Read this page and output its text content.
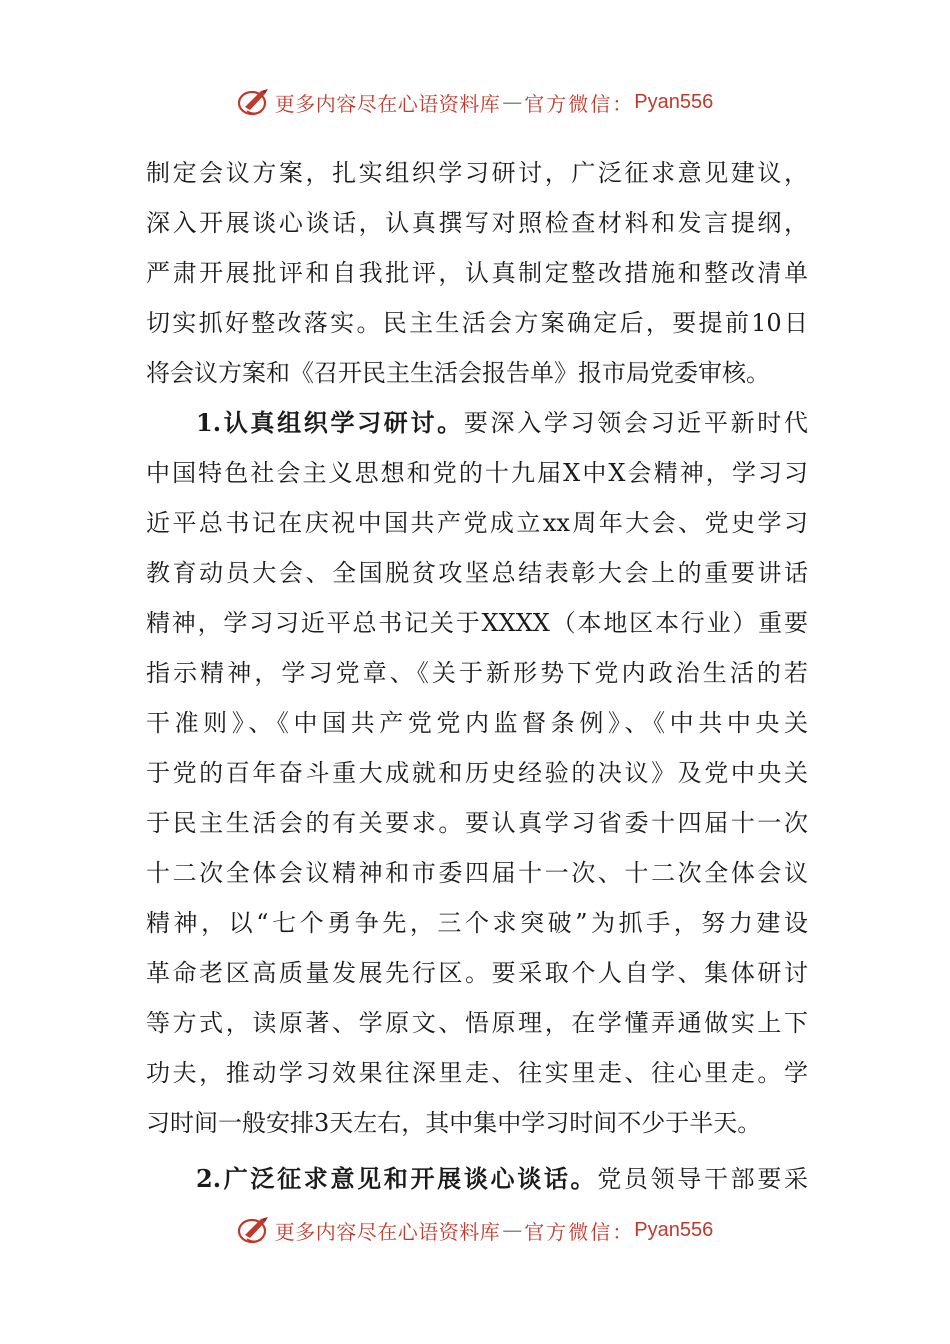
更多内容尽在心语资料库 — 官方微信： Pyan556
制定会议方案，扎实组织学习研讨，广泛征求意见建议，
深入开展谈心谈话，认真撰写对照检查材料和发言提纲，
严肃开展批评和自我批评，认真制定整改措施和整改清单
切实抓好整改落实。民主生活会方案确定后，要提前10日
将会议方案和《召开民主生活会报告单》报市局党委审核。
1.认真组织学习研讨。要深入学习领会习近平新时代
中国特色社会主义思想和党的十九届X中X会精神，学习习
近平总书记在庆祝中国共产党成立xx周年大会、党史学习
教育动员大会、全国脱贫攻坚总结表彰大会上的重要讲话
精神，学习习近平总书记关于XXXX（本地区本行业）重要
指示精神，学习党章、《关于新形势下党内政治生活的若
干准则》、《中国共产党党内监督条例》、《中共中央关
于党的百年奋斗重大成就和历史经验的决议》及党中央关
于民主生活会的有关要求。要认真学习省委十四届十一次
十二次全体会议精神和市委四届十一次、十二次全体会议
精神，以“七个勇争先，三个求突破”为抓手，努力建设
革命老区高质量发展先行区。要采取个人自学、集体研讨
等方式，读原著、学原文、悟原理，在学懂弄通做实上下
功夫，推动学习效果往深里走、往实里走、往心里走。学
习时间一般安排3天左右，其中集中学习时间不少于半天。
2.广泛征求意见和开展谈心谈话。党员领导干部要采
更多内容尽在心语资料库 — 官方微信： Pyan556
